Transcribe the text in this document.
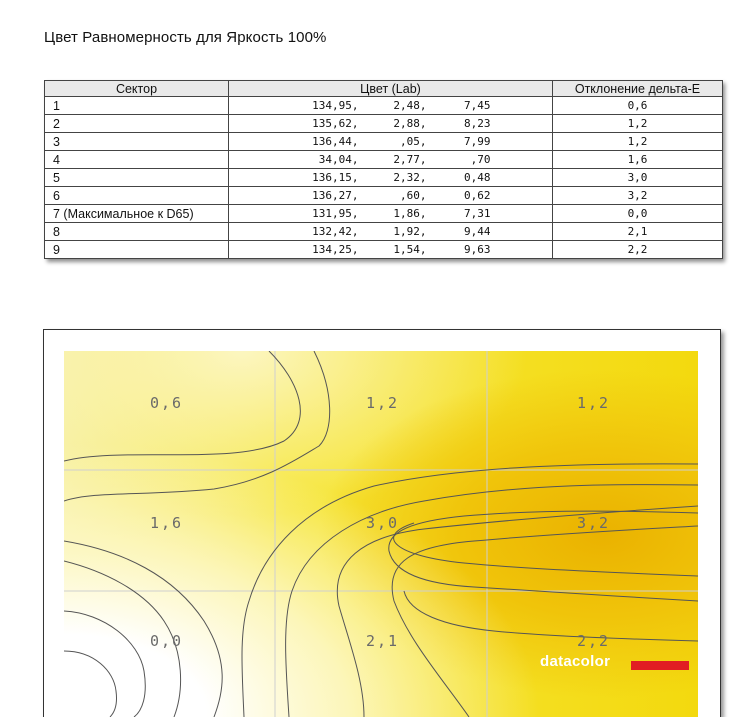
Цвет Равномерность для Яркость 100%
Сектор	Цвет (Lab)	Отклонение дельта-E
1	134,95, 2,48, 7,45	0,6
2	135,62, 2,88, 8,23	1,2
3	136,44, ,05, 7,99	1,2
4	34,04, 2,77, ,70	1,6
5	136,15, 2,32, 0,48	3,0
6	136,27, ,60, 0,62	3,2
7 (Максимальное к D65)	131,95, 1,86, 7,31	0,0
8	132,42, 1,92, 9,44	2,1
9	134,25, 1,54, 9,63	2,2
0,6	1,2	1,2
1,6	3,0	3,2
0,0	2,1	2,2
datacolor
